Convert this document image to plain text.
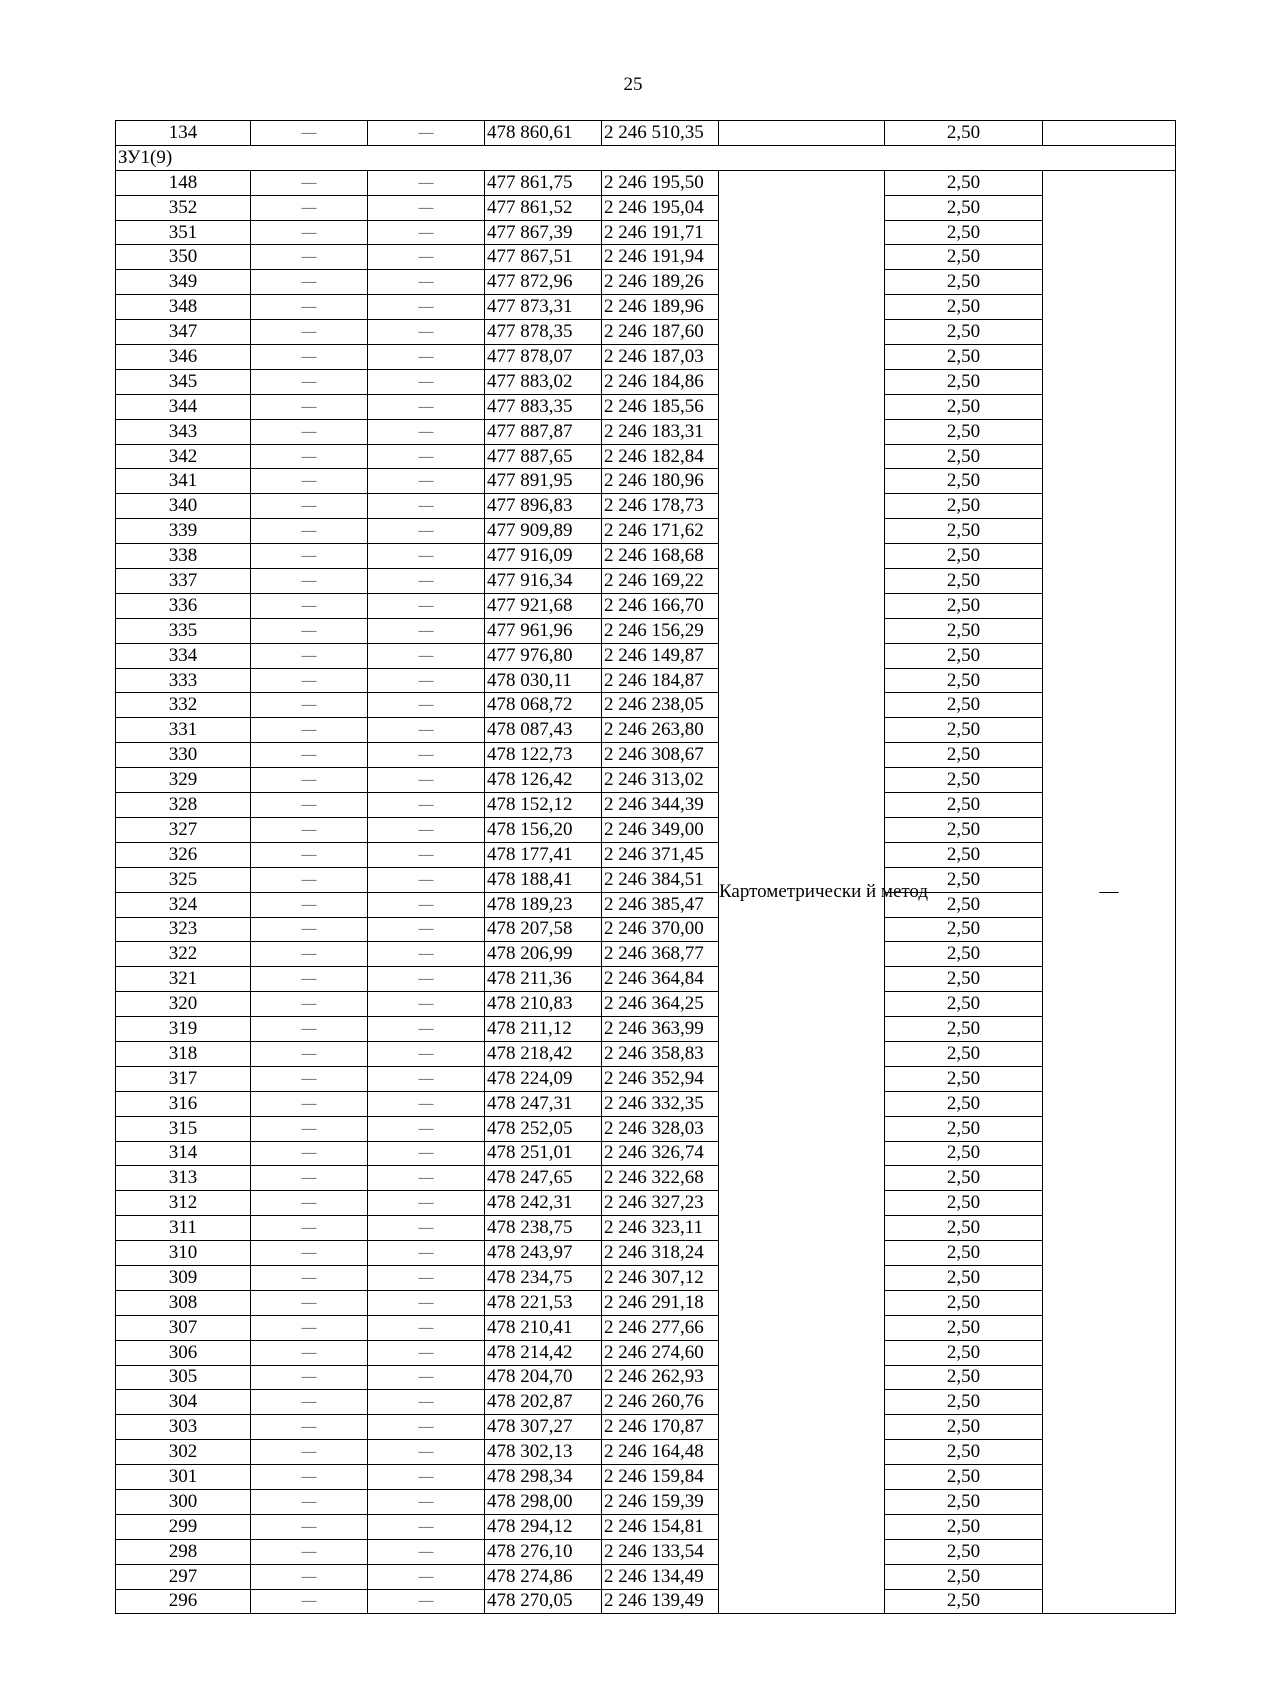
25
134	—	—	478 860,61	2 246 510,35		2,50	
ЗУ1(9)							
148	—	—	477 861,75	2 246 195,50	Картометрически й метод	2,50	—
352	—	—	477 861,52	2 246 195,04		2,50	
351	—	—	477 867,39	2 246 191,71		2,50	
350	—	—	477 867,51	2 246 191,94		2,50	
349	—	—	477 872,96	2 246 189,26		2,50	
348	—	—	477 873,31	2 246 189,96		2,50	
347	—	—	477 878,35	2 246 187,60		2,50	
346	—	—	477 878,07	2 246 187,03		2,50	
345	—	—	477 883,02	2 246 184,86		2,50	
344	—	—	477 883,35	2 246 185,56		2,50	
343	—	—	477 887,87	2 246 183,31		2,50	
342	—	—	477 887,65	2 246 182,84		2,50	
341	—	—	477 891,95	2 246 180,96		2,50	
340	—	—	477 896,83	2 246 178,73		2,50	
339	—	—	477 909,89	2 246 171,62		2,50	
338	—	—	477 916,09	2 246 168,68		2,50	
337	—	—	477 916,34	2 246 169,22		2,50	
336	—	—	477 921,68	2 246 166,70		2,50	
335	—	—	477 961,96	2 246 156,29		2,50	
334	—	—	477 976,80	2 246 149,87		2,50	
333	—	—	478 030,11	2 246 184,87		2,50	
332	—	—	478 068,72	2 246 238,05		2,50	
331	—	—	478 087,43	2 246 263,80		2,50	
330	—	—	478 122,73	2 246 308,67		2,50	
329	—	—	478 126,42	2 246 313,02		2,50	
328	—	—	478 152,12	2 246 344,39		2,50	
327	—	—	478 156,20	2 246 349,00		2,50	
326	—	—	478 177,41	2 246 371,45		2,50	
325	—	—	478 188,41	2 246 384,51		2,50	
324	—	—	478 189,23	2 246 385,47		2,50	
323	—	—	478 207,58	2 246 370,00		2,50	
322	—	—	478 206,99	2 246 368,77		2,50	
321	—	—	478 211,36	2 246 364,84		2,50	
320	—	—	478 210,83	2 246 364,25		2,50	
319	—	—	478 211,12	2 246 363,99		2,50	
318	—	—	478 218,42	2 246 358,83		2,50	
317	—	—	478 224,09	2 246 352,94		2,50	
316	—	—	478 247,31	2 246 332,35		2,50	
315	—	—	478 252,05	2 246 328,03		2,50	
314	—	—	478 251,01	2 246 326,74		2,50	
313	—	—	478 247,65	2 246 322,68		2,50	
312	—	—	478 242,31	2 246 327,23		2,50	
311	—	—	478 238,75	2 246 323,11		2,50	
310	—	—	478 243,97	2 246 318,24		2,50	
309	—	—	478 234,75	2 246 307,12		2,50	
308	—	—	478 221,53	2 246 291,18		2,50	
307	—	—	478 210,41	2 246 277,66		2,50	
306	—	—	478 214,42	2 246 274,60		2,50	
305	—	—	478 204,70	2 246 262,93		2,50	
304	—	—	478 202,87	2 246 260,76		2,50	
303	—	—	478 307,27	2 246 170,87		2,50	
302	—	—	478 302,13	2 246 164,48		2,50	
301	—	—	478 298,34	2 246 159,84		2,50	
300	—	—	478 298,00	2 246 159,39		2,50	
299	—	—	478 294,12	2 246 154,81		2,50	
298	—	—	478 276,10	2 246 133,54		2,50	
297	—	—	478 274,86	2 246 134,49		2,50	
296	—	—	478 270,05	2 246 139,49		2,50	
